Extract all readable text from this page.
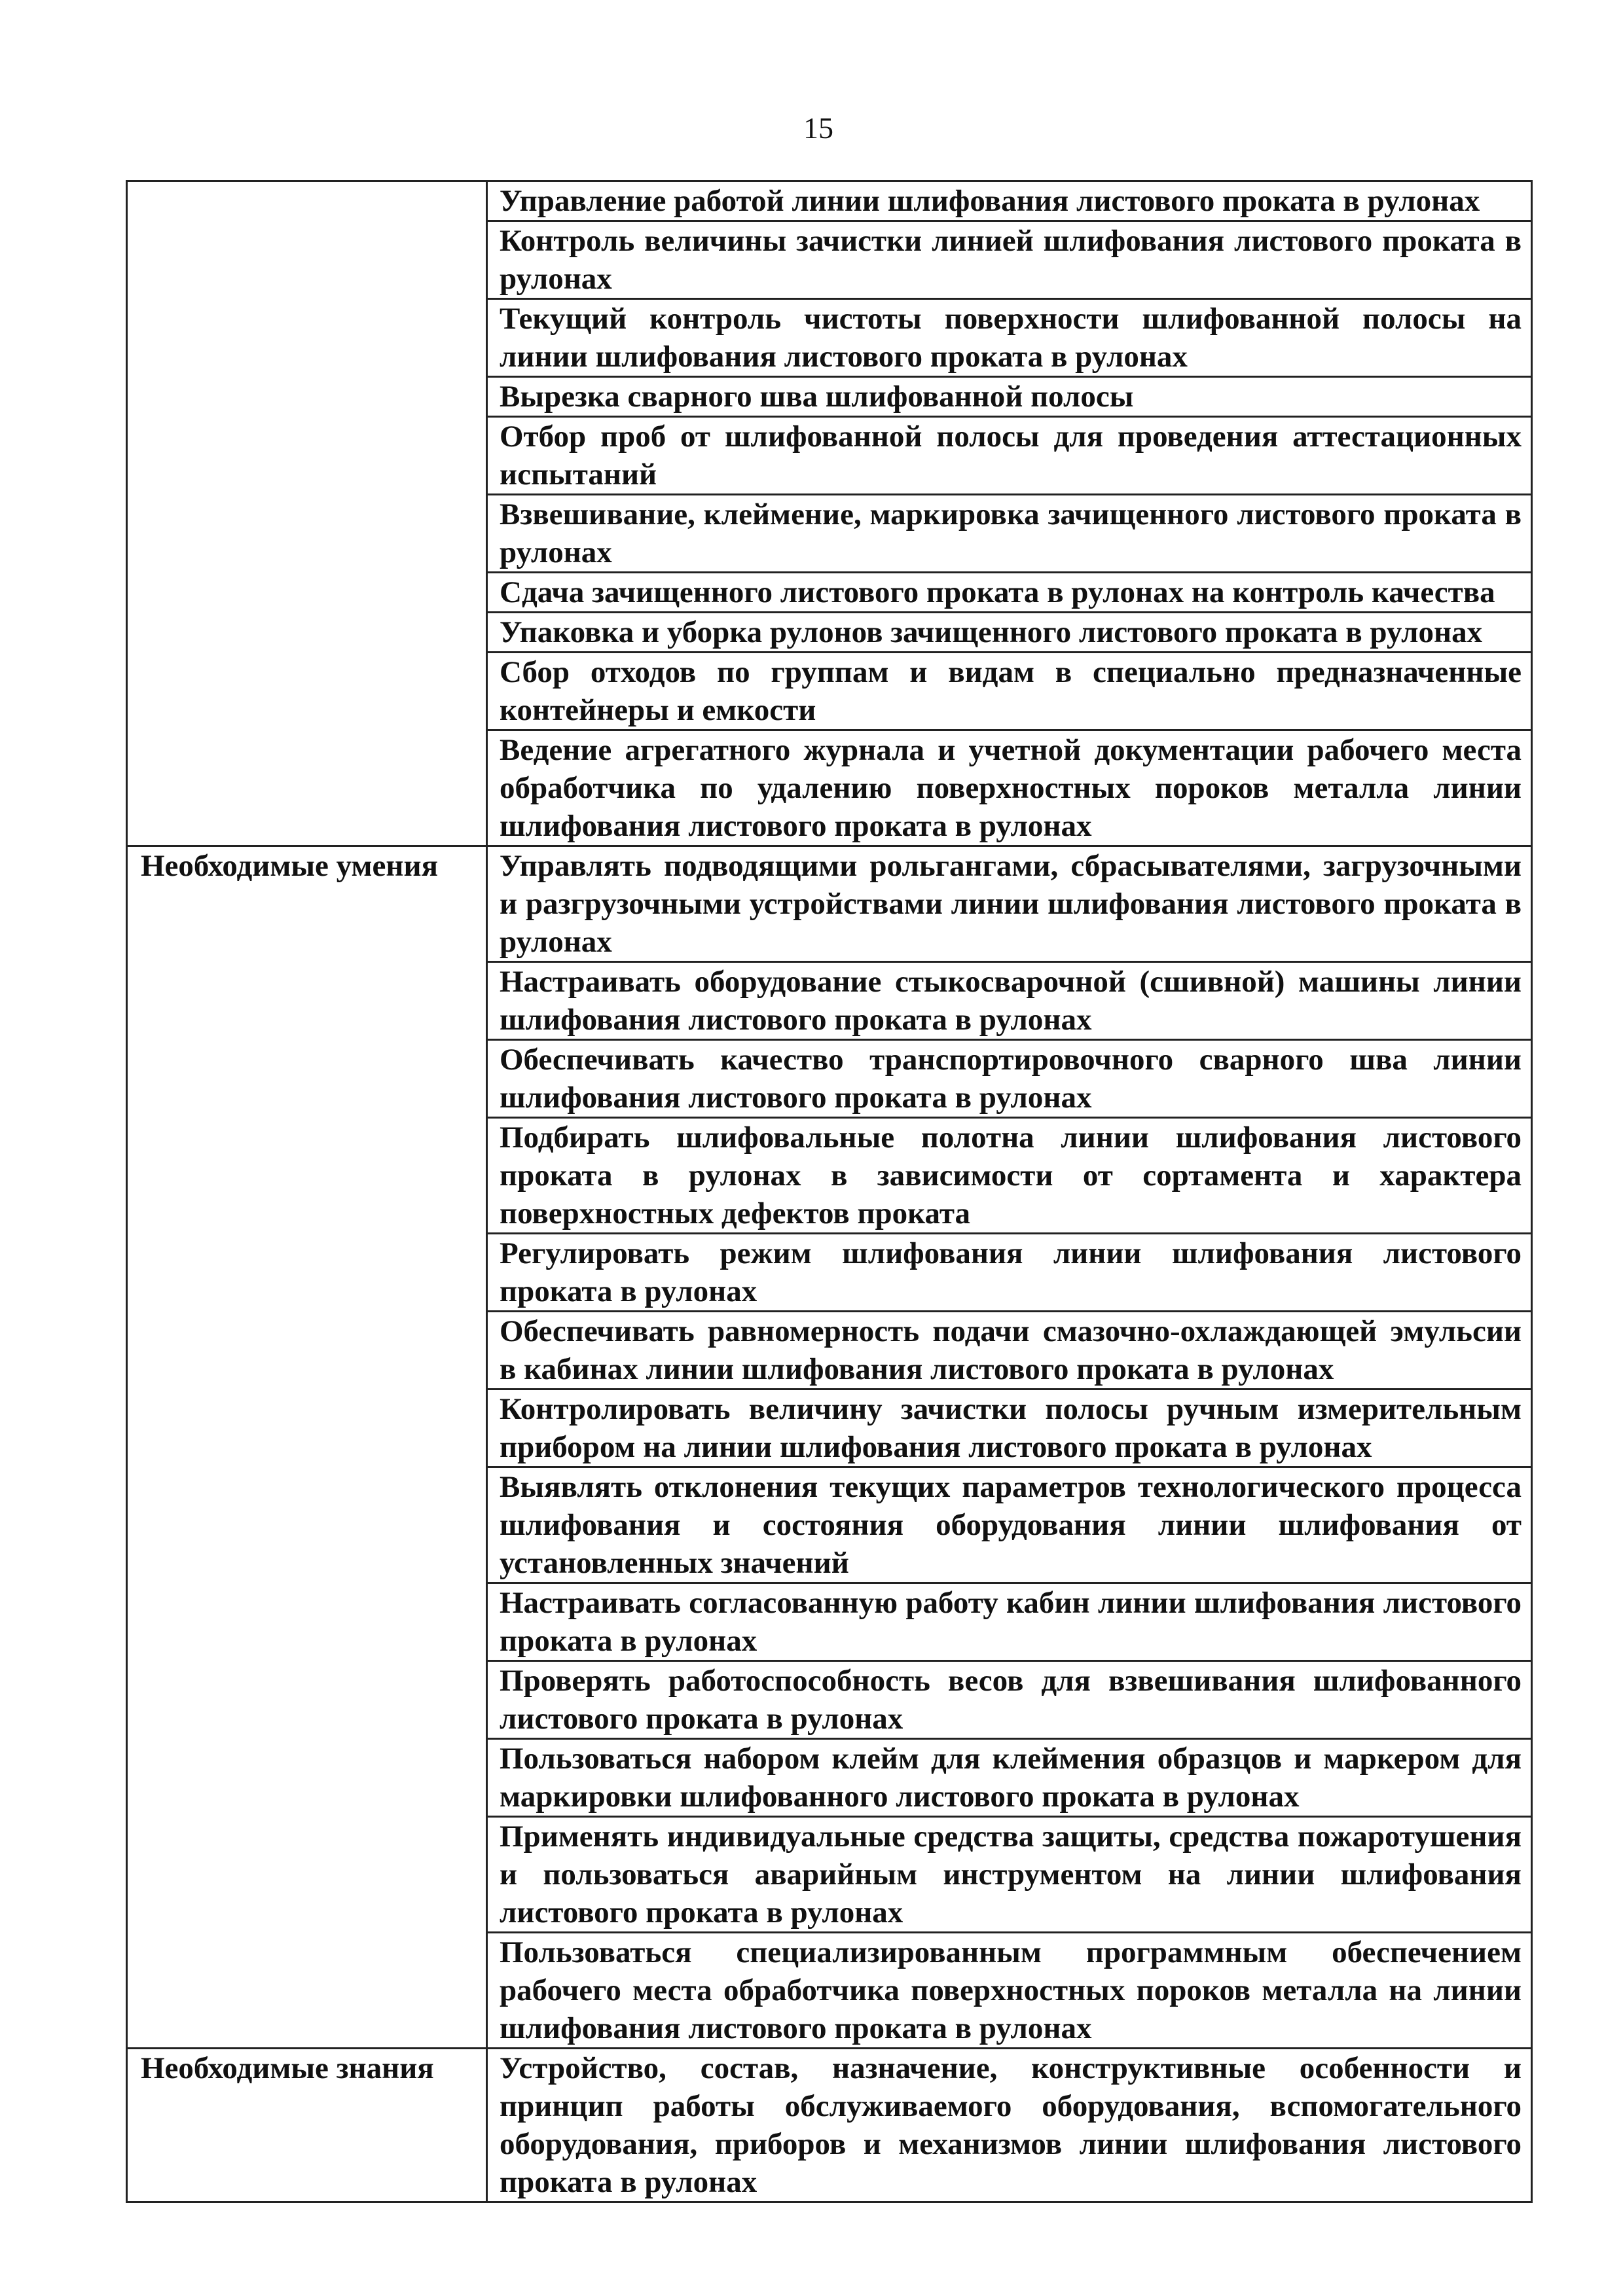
15
	Управление работой линии шлифования листового проката в рулонах
	Контроль величины зачистки линией шлифования листового проката в рулонах
	Текущий контроль чистоты поверхности шлифованной полосы на линии шлифования листового проката в рулонах
	Вырезка сварного шва шлифованной полосы
	Отбор проб от шлифованной полосы для проведения аттестационных испытаний
	Взвешивание, клеймение, маркировка зачищенного листового проката в рулонах
	Сдача зачищенного листового проката в рулонах на контроль качества
	Упаковка и уборка рулонов зачищенного листового проката в рулонах
	Сбор отходов по группам и видам в специально предназначенные контейнеры и емкости
	Ведение агрегатного журнала и учетной документации рабочего места обработчика по удалению поверхностных пороков металла линии шлифования листового проката в рулонах
Необходимые умения	Управлять подводящими рольгангами, сбрасывателями, загрузочными и разгрузочными устройствами линии шлифования листового проката в рулонах
	Настраивать оборудование стыкосварочной (сшивной) машины линии шлифования листового проката в рулонах
	Обеспечивать качество транспортировочного сварного шва линии шлифования листового проката в рулонах
	Подбирать шлифовальные полотна линии шлифования листового проката в рулонах в зависимости от сортамента и характера поверхностных дефектов проката
	Регулировать режим шлифования линии шлифования листового проката в рулонах
	Обеспечивать равномерность подачи смазочно-охлаждающей эмульсии в кабинах линии шлифования листового проката в рулонах
	Контролировать величину зачистки полосы ручным измерительным прибором на линии шлифования листового проката в рулонах
	Выявлять отклонения текущих параметров технологического процесса шлифования и состояния оборудования линии шлифования от установленных значений
	Настраивать согласованную работу кабин линии шлифования листового проката в рулонах
	Проверять работоспособность весов для взвешивания шлифованного листового проката в рулонах
	Пользоваться набором клейм для клеймения образцов и маркером для маркировки шлифованного листового проката в рулонах
	Применять индивидуальные средства защиты, средства пожаротушения и пользоваться аварийным инструментом на линии шлифования листового проката в рулонах
	Пользоваться специализированным программным обеспечением рабочего места обработчика поверхностных пороков металла на линии шлифования листового проката в рулонах
Необходимые знания	Устройство, состав, назначение, конструктивные особенности и принцип работы обслуживаемого оборудования, вспомогательного оборудования, приборов и механизмов линии шлифования листового проката в рулонах
